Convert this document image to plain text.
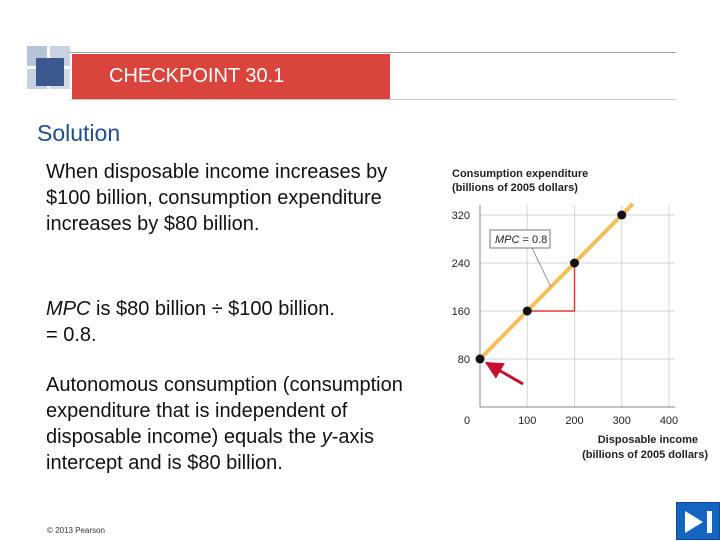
CHECKPOINT 30.1
Solution
When disposable income increases by $100 billion, consumption expenditure increases by $80 billion.
MPC is $80 billion ÷ $100 billion.
= 0.8.
Autonomous consumption (consumption expenditure that is independent of disposable income) equals the y-axis intercept and is $80 billion.
© 2013 Pearson
Consumption expenditure
(billions of 2005 dollars)
80
160
240
320
100	200	300	400
0
MPC = 0.8
Disposable income
(billions of 2005 dollars)
